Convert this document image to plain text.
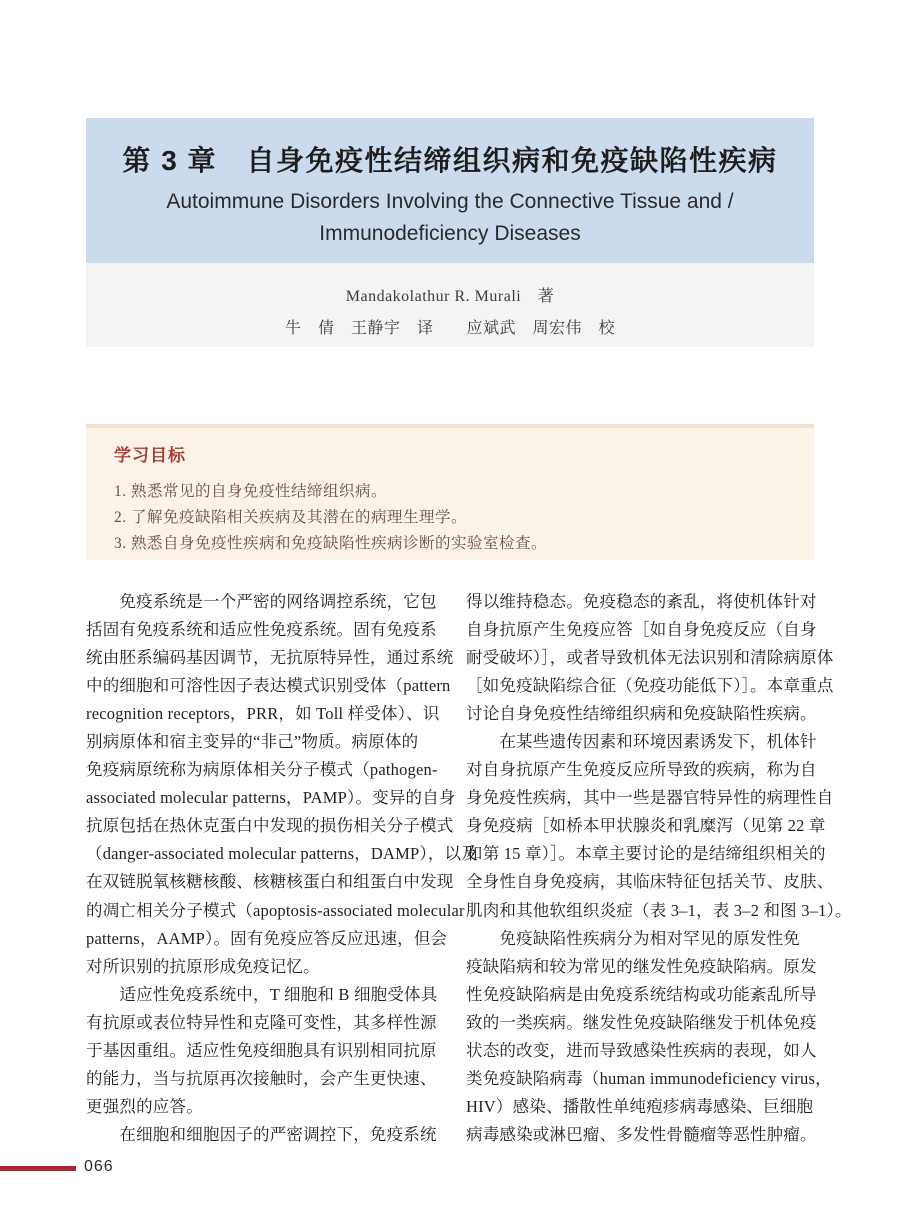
第 3 章　自身免疫性结缔组织病和免疫缺陷性疾病
Autoimmune Disorders Involving the Connective Tissue and /
Immunodeficiency Diseases
Mandakolathur R. Murali　著
牛　倩　王静宇　译　　应斌武　周宏伟　校
学习目标
1. 熟悉常见的自身免疫性结缔组织病。
2. 了解免疫缺陷相关疾病及其潜在的病理生理学。
3. 熟悉自身免疫性疾病和免疫缺陷性疾病诊断的实验室检查。
　　免疫系统是一个严密的网络调控系统，它包
括固有免疫系统和适应性免疫系统。固有免疫系
统由胚系编码基因调节，无抗原特异性，通过系统
中的细胞和可溶性因子表达模式识别受体（pattern
recognition receptors，PRR，如 Toll 样受体）、识
别病原体和宿主变异的“非己”物质。病原体的
免疫病原统称为病原体相关分子模式（pathogen-
associated molecular patterns，PAMP）。变异的自身
抗原包括在热休克蛋白中发现的损伤相关分子模式
（danger-associated molecular patterns，DAMP），以及
在双链脱氧核糖核酸、核糖核蛋白和组蛋白中发现
的凋亡相关分子模式（apoptosis-associated molecular
patterns，AAMP）。固有免疫应答反应迅速，但会
对所识别的抗原形成免疫记忆。
　　适应性免疫系统中，T 细胞和 B 细胞受体具
有抗原或表位特异性和克隆可变性，其多样性源
于基因重组。适应性免疫细胞具有识别相同抗原
的能力，当与抗原再次接触时，会产生更快速、
更强烈的应答。
　　在细胞和细胞因子的严密调控下，免疫系统
得以维持稳态。免疫稳态的紊乱，将使机体针对
自身抗原产生免疫应答［如自身免疫反应（自身
耐受破坏）］，或者导致机体无法识别和清除病原体
［如免疫缺陷综合征（免疫功能低下）］。本章重点
讨论自身免疫性结缔组织病和免疫缺陷性疾病。
　　在某些遗传因素和环境因素诱发下，机体针
对自身抗原产生免疫反应所导致的疾病，称为自
身免疫性疾病，其中一些是器官特异性的病理性自
身免疫病［如桥本甲状腺炎和乳糜泻（见第 22 章
和第 15 章）］。本章主要讨论的是结缔组织相关的
全身性自身免疫病，其临床特征包括关节、皮肤、
肌肉和其他软组织炎症（表 3–1，表 3–2 和图 3–1）。
　　免疫缺陷性疾病分为相对罕见的原发性免
疫缺陷病和较为常见的继发性免疫缺陷病。原发
性免疫缺陷病是由免疫系统结构或功能紊乱所导
致的一类疾病。继发性免疫缺陷继发于机体免疫
状态的改变，进而导致感染性疾病的表现，如人
类免疫缺陷病毒（human immunodeficiency virus，
HIV）感染、播散性单纯疱疹病毒感染、巨细胞
病毒感染或淋巴瘤、多发性骨髓瘤等恶性肿瘤。
066
